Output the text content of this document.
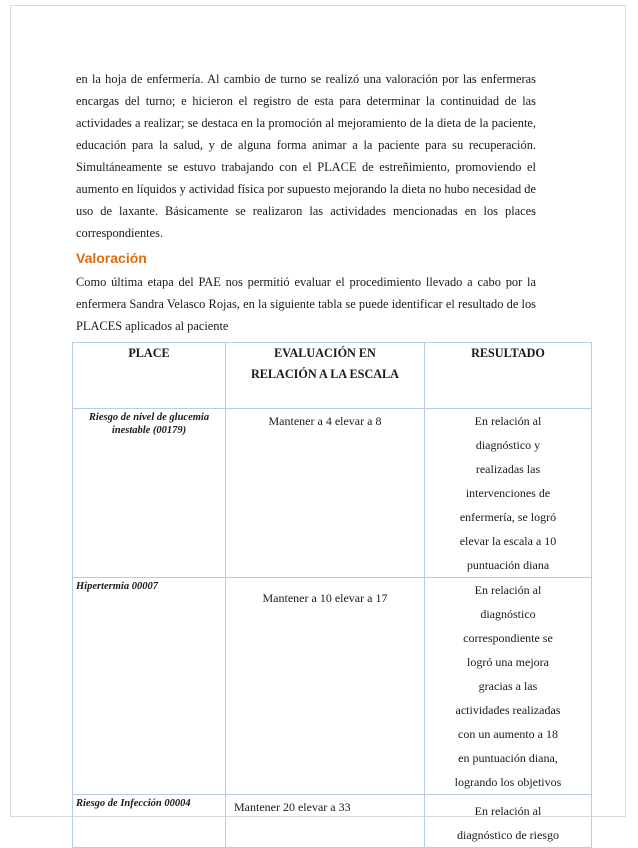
en la hoja de enfermería. Al cambio de turno se realizó una valoración por las enfermeras encargas del turno; e hicieron el registro de esta para determinar la continuidad de las actividades a realizar; se destaca en la promoción al mejoramiento de la dieta de la paciente, educación para la salud, y de alguna forma animar a la paciente para su recuperación. Simultáneamente se estuvo trabajando con el PLACE de estreñimiento, promoviendo el aumento en líquidos y actividad física por supuesto mejorando la dieta no hubo necesidad de uso de laxante. Básicamente se realizaron las actividades mencionadas en los places correspondientes.

Valoración

Como última etapa del PAE nos permitió evaluar el procedimiento llevado a cabo por la enfermera Sandra Velasco Rojas, en la siguiente tabla se puede identificar el resultado de los PLACES aplicados al paciente

PLACE	EVALUACIÓN EN RELACIÓN A LA ESCALA	RESULTADO
Riesgo de nivel de glucemia inestable (00179)	Mantener a 4 elevar a 8	En relación al diagnóstico y realizadas las intervenciones de enfermería, se logró elevar la escala a 10 puntuación diana
Hipertermia 00007	Mantener a 10 elevar a 17	En relación al diagnóstico correspondiente se logró una mejora gracias a las actividades realizadas con un aumento a 18 en puntuación diana, logrando los objetivos
Riesgo de Infección 00004	Mantener 20 elevar a 33	En relación al diagnóstico de riesgo
